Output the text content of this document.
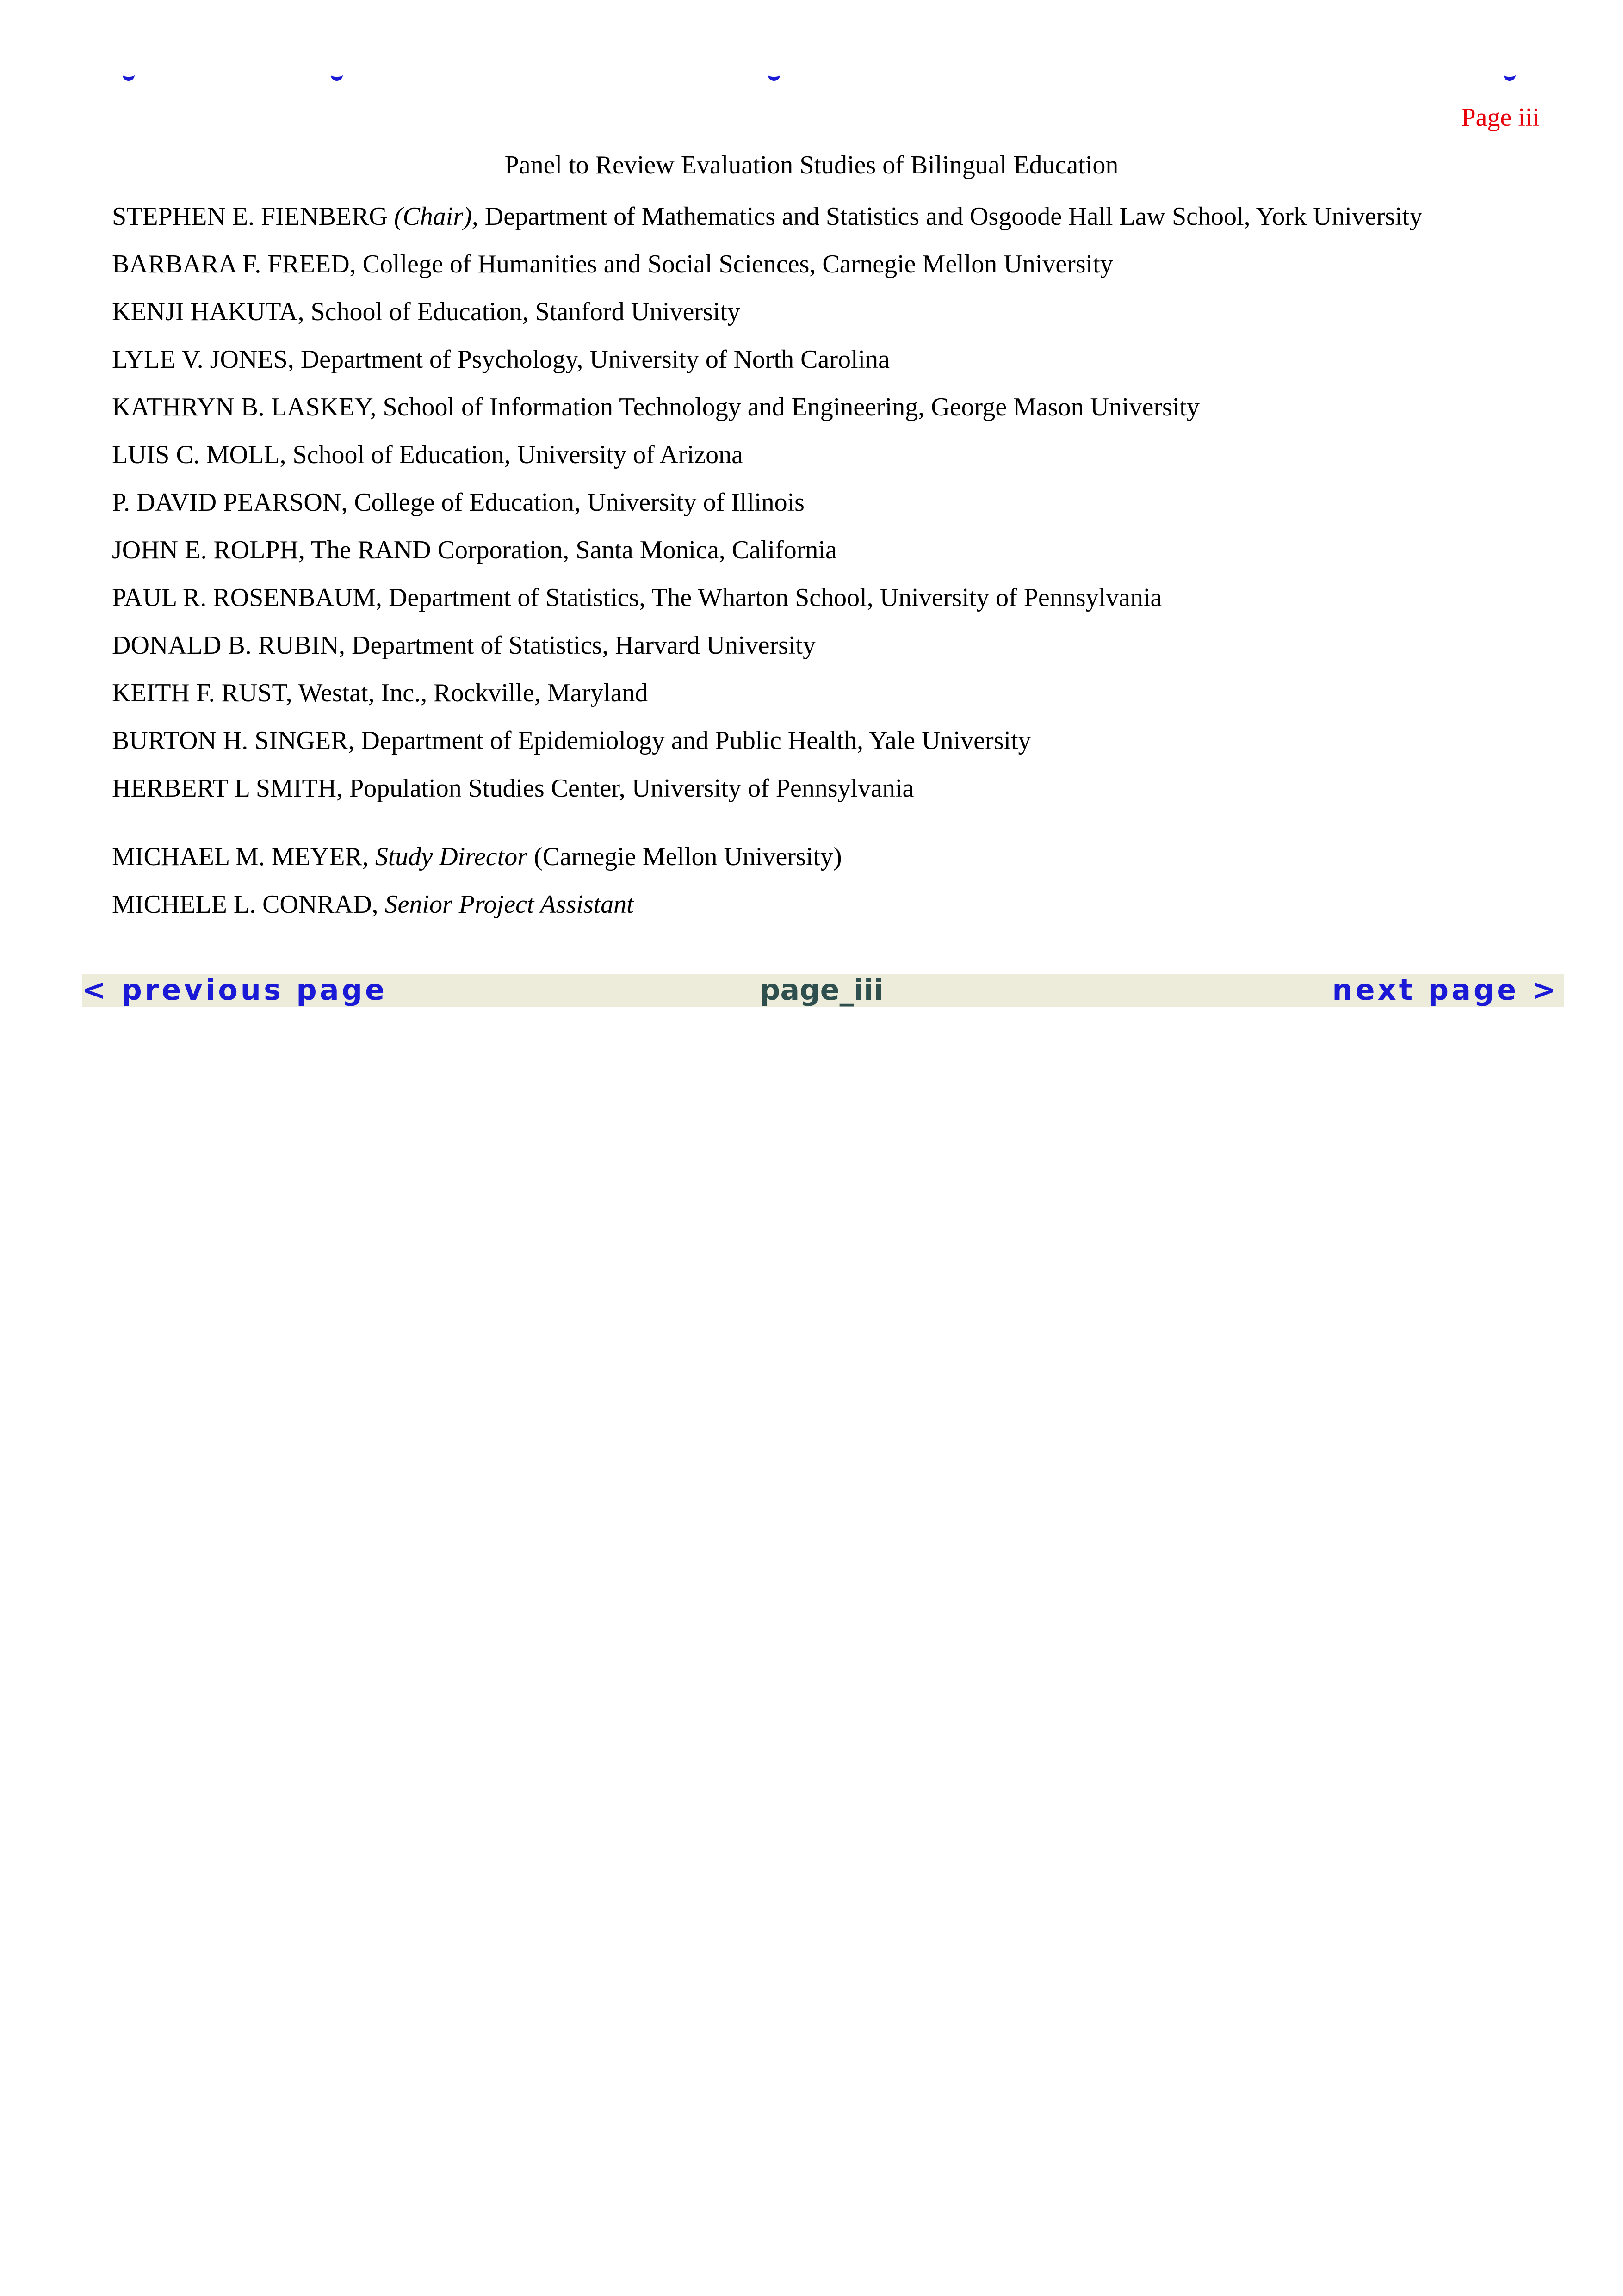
Page iii
Panel to Review Evaluation Studies of Bilingual Education
STEPHEN E. FIENBERG (Chair), Department of Mathematics and Statistics and Osgoode Hall Law School, York University
BARBARA F. FREED, College of Humanities and Social Sciences, Carnegie Mellon University
KENJI HAKUTA, School of Education, Stanford University
LYLE V. JONES, Department of Psychology, University of North Carolina
KATHRYN B. LASKEY, School of Information Technology and Engineering, George Mason University
LUIS C. MOLL, School of Education, University of Arizona
P. DAVID PEARSON, College of Education, University of Illinois
JOHN E. ROLPH, The RAND Corporation, Santa Monica, California
PAUL R. ROSENBAUM, Department of Statistics, The Wharton School, University of Pennsylvania
DONALD B. RUBIN, Department of Statistics, Harvard University
KEITH F. RUST, Westat, Inc., Rockville, Maryland
BURTON H. SINGER, Department of Epidemiology and Public Health, Yale University
HERBERT L SMITH, Population Studies Center, University of Pennsylvania
MICHAEL M. MEYER, Study Director (Carnegie Mellon University)
MICHELE L. CONRAD, Senior Project Assistant
< previous page	page_iii	next page >
